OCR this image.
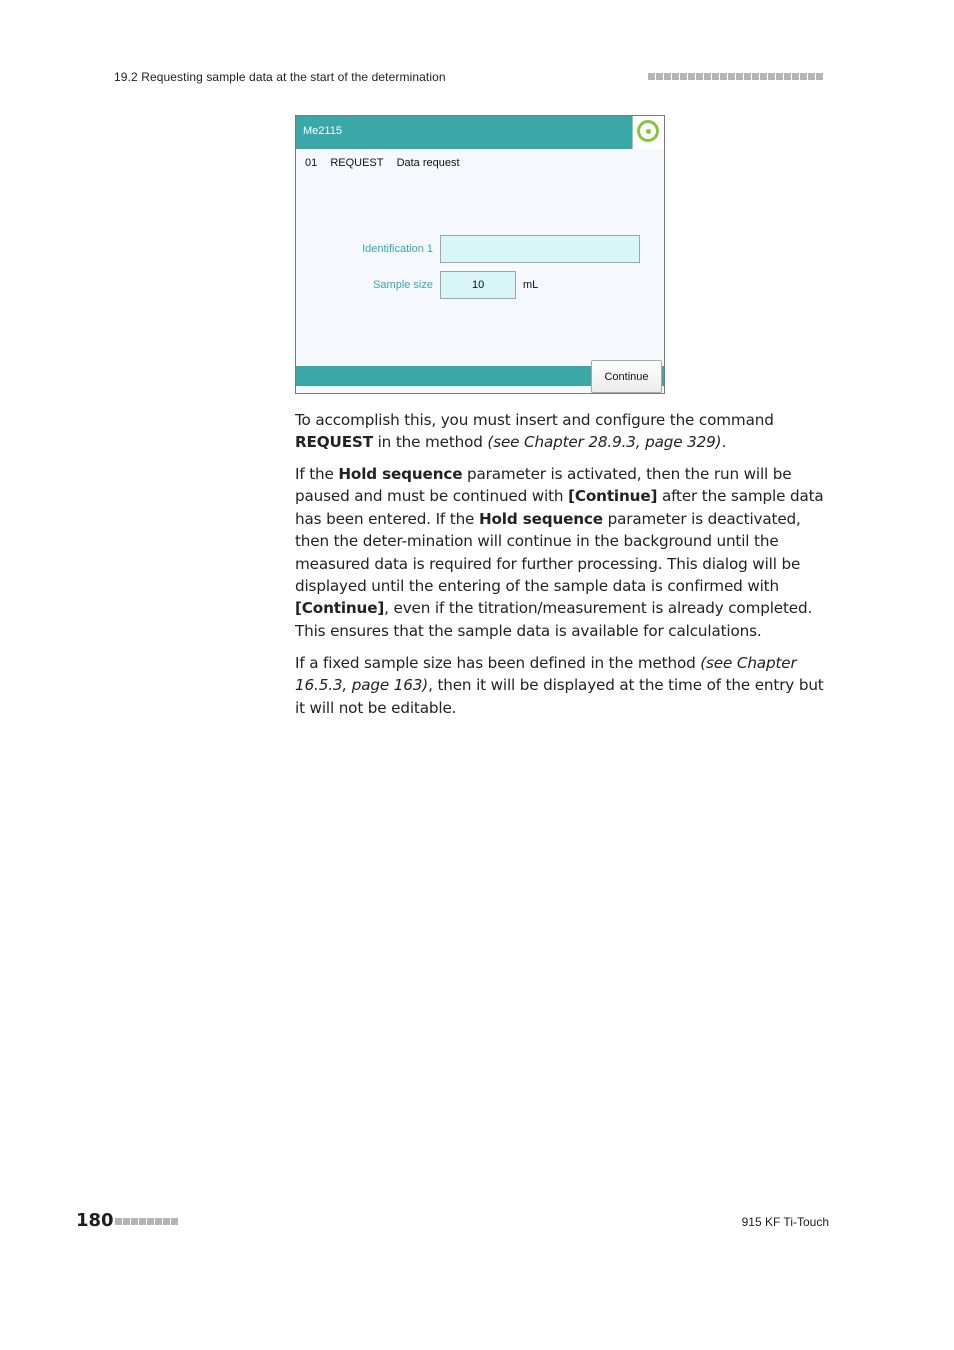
19.2 Requesting sample data at the start of the determination
Me2115
01 REQUEST Data request
Identification 1
Sample size	10	mL
Continue

To accomplish this, you must insert and configure the command REQUEST in the method (see Chapter 28.9.3, page 329).

If the Hold sequence parameter is activated, then the run will be paused and must be continued with [Continue] after the sample data has been entered. If the Hold sequence parameter is deactivated, then the deter-mination will continue in the background until the measured data is required for further processing. This dialog will be displayed until the entering of the sample data is confirmed with [Continue], even if the titration/measurement is already completed. This ensures that the sample data is available for calculations.

If a fixed sample size has been defined in the method (see Chapter 16.5.3, page 163), then it will be displayed at the time of the entry but it will not be editable.

180	915 KF Ti-Touch
